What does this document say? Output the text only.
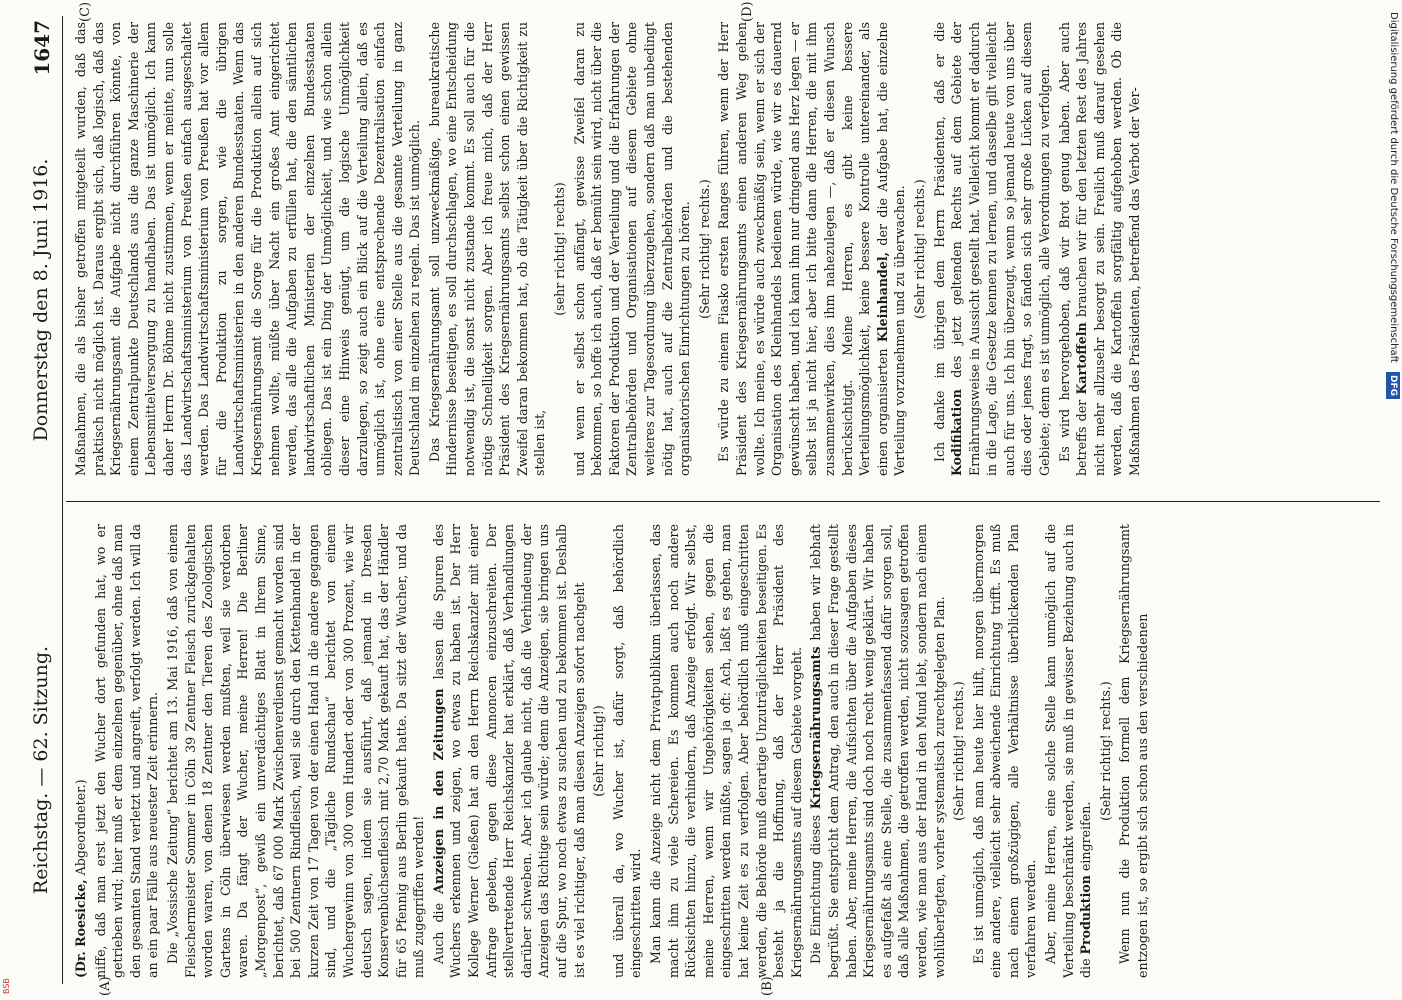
Digitalisierung gefördert durch die Deutsche Forschungsgemeinschaft DFG
BSB
Reichstag. — 62. Sitzung.
Donnerstag den 8. Juni 1916.
1647
(A)	(B)
(C)	(D)

(Dr. Roesicke, Abgeordneter.) niffe, daß man erst jetzt den Wucher dort gefunden hat, wo er getrieben wird; hier muß er dem einzelnen gegenüber, ohne daß man den gesamten Stand verletzt und angreift, verfolgt werden. Ich will da an ein paar Fälle aus neuester Zeit erinnern. Die „Vossische Zeitung“ berichtet am 13. Mai 1916, daß von einem Fleischermeister Sommer in Cöln 39 Zentner Fleisch zurückgehalten worden waren, von denen 18 Zentner den Tieren des Zoologischen Gartens in Cöln überwiesen werden mußten, weil sie verdorben waren. Da fängt der Wucher, meine Herren! Die Berliner „Morgenpost“, gewiß ein unverdächtiges Blatt in Ihrem Sinne, berichtet, daß 67 000 Mark Zwischenverdienst gemacht worden sind bei 500 Zentnern Rindfleisch, weil sie durch den Kettenhandel in der kurzen Zeit von 17 Tagen von der einen Hand in die andere gegangen sind, und die „Tägliche Rundschau“ berichtet von einem Wuchergewinn von 300 vom Hundert oder von 300 Prozent, wie wir deutsch sagen, indem sie ausführt, daß jemand in Dresden Konservenbüchsenfleisch mit 2,70 Mark gekauft hat, das der Händler für 65 Pfennig aus Berlin gekauft hatte. Da sitzt der Wucher, und da muß zugegriffen werden! Auch die Anzeigen in den Zeitungen lassen die Spuren des Wuchers erkennen und zeigen, wo etwas zu haben ist. Der Herr Kollege Werner (Gießen) hat an den Herrn Reichskanzler mit einer Anfrage gebeten, gegen diese Annoncen einzuschreiten. Der stellvertretende Herr Reichskanzler hat erklärt, daß Verhandlungen darüber schweben. Aber ich glaube nicht, daß die Verhindeung der Anzeigen das Richtige sein würde; denn die Anzeigen, sie bringen uns auf die Spur, wo noch etwas zu suchen und zu bekommen ist. Deshalb ist es viel richtiger, daß man diesen Anzeigen sofort nachgeht (Sehr richtig!) und überall da, wo Wucher ist, dafür sorgt, daß behördlich eingeschritten wird. Man kann die Anzeige nicht dem Privatpublikum überlassen, das macht ihm zu viele Schereien. Es kommen auch noch andere Rücksichten hinzu, die verhindern, daß Anzeige erfolgt. Wir selbst, meine Herren, wenn wir Ungehörigkeiten sehen, gegen die eingeschritten werden müßte, sagen ja oft: Ach, laßt es gehen, man hat keine Zeit es zu verfolgen. Aber behördlich muß eingeschritten werden, die Behörde muß derartige Unzuträglichkeiten beseitigen. Es besteht ja die Hoffnung, daß der Herr Präsident des Kriegsernährungsamts auf diesem Gebiete vorgeht. Die Einrichtung dieses Kriegsernährungsamts haben wir lebhaft begrüßt. Sie entspricht dem Antrag, den auch in dieser Frage gestellt haben. Aber, meine Herren, die Aufsichten über die Aufgaben dieses Kriegsernährungsamts sind doch noch recht wenig geklärt. Wir haben es aufgefaßt als eine Stelle, die zusammenfassend dafür sorgen soll, daß alle Maßnahmen, die getroffen werden, nicht sozusagen getroffen werden, wie man aus der Hand in den Mund lebt, sondern nach einem wohlüberlegten, vorher systematisch zurechtgelegten Plan. (Sehr richtig! rechts.) Es ist unmöglich, daß man heute hier hilft, morgen übermorgen eine andere, vielleicht sehr abweichende Einrichtung trifft. Es muß nach einem großzügigen, alle Verhältnisse überblickenden Plan verfahren werden. Aber, meine Herren, eine solche Stelle kann unmöglich auf die Verteilung beschränkt werden, sie muß in gewisser Beziehung auch in die Produktion eingreifen.

(Sehr richtig! rechts.) Wenn nun die Produktion formell dem Kriegsernährungsamt entzogen ist, so ergibt sich schon aus den verschiedenen

Maßnahmen, die als bisher getroffen mitgeteilt wurden, daß das praktisch nicht möglich ist. Daraus ergibt sich, daß logisch, daß das Kriegsernährungsamt die Aufgabe nicht durchführen könnte, von einem Zentralpunkte Deutschlands aus die ganze Maschinerie der Lebensmittelversorgung zu handhaben. Das ist unmöglich. Ich kann daher Herrn Dr. Böhme nicht zustimmen, wenn er meinte, nun solle das Landwirtschaftsministerium von Preußen einfach ausgeschaltet werden. Das Landwirtschaftsministerium von Preußen hat vor allem für die Produktion zu sorgen, wie die übrigen Landwirtschaftsministerien in den anderen Bundesstaaten. Wenn das Kriegsernährungsamt die Sorge für die Produktion allein auf sich nehmen wollte, müßte über Nacht ein großes Amt eingerichtet werden, das alle die Aufgaben zu erfüllen hat, die den sämtlichen landwirtschaftlichen Ministerien der einzelnen Bundesstaaten obliegen. Das ist ein Ding der Unmöglichkeit, und wie schon allein dieser eine Hinweis genügt, um die logische Unmöglichkeit darzulegen, so zeigt auch ein Blick auf die Verteilung allein, daß es unmöglich ist, ohne eine entsprechende Dezentralisation einfach zentralistisch von einer Stelle aus die gesamte Verteilung in ganz Deutschland im einzelnen zu regeln. Das ist unmöglich. Das Kriegsernährungsamt soll unzweckmäßige, bureaukratische Hindernisse beseitigen, es soll durchschlagen, wo eine Entscheidung notwendig ist, die sonst nicht zustande kommt. Es soll auch für die nötige Schnelligkeit sorgen. Aber ich freue mich, daß der Herr Präsident des Kriegsernährungsamts selbst schon einen gewissen Zweifel daran bekommen hat, ob die Tätigkeit über die Richtigkeit zu stellen ist,

(sehr richtig! rechts) und wenn er selbst schon anfängt, gewisse Zweifel daran zu bekommen, so hoffe ich auch, daß er bemüht sein wird, nicht über die Faktoren der Produktion und der Verteilung und die Erfahrungen der Zentralbehörden und Organisationen auf diesem Gebiete ohne weiteres zur Tagesordnung überzugehen, sondern daß man unbedingt nötig hat, auch auf die Zentralbehörden und die bestehenden organisatorischen Einrichtungen zu hören. (Sehr richtig! rechts.) Es würde zu einem Fiasko ersten Ranges führen, wenn der Herr Präsident des Kriegsernährungsamts einen anderen Weg gehen wollte. Ich meine, es würde auch zweckmäßig sein, wenn er sich der Organisation des Kleinhandels bedienen würde, wie wir es dauernd gewünscht haben, und ich kann ihm nur dringend ans Herz legen — er selbst ist ja nicht hier, aber ich bitte dann die Herren, die mit ihm zusammenwirken, dies ihm nahezulegen —, daß er diesen Wunsch berücksichtigt. Meine Herren, es gibt keine bessere Verteilungsmöglichkeit, keine bessere Kontrolle untereinander, als einen organisierten Kleinhandel, der die Aufgabe hat, die einzelne Verteilung vorzunehmen und zu überwachen. (Sehr richtig! rechts.) Ich danke im übrigen dem Herrn Präsidenten, daß er die Kodifikation des jetzt geltenden Rechts auf dem Gebiete der Ernährungsweise in Aussicht gestellt hat. Vielleicht kommt er dadurch in die Lage, die Gesetze kennen zu lernen, und dasselbe gilt vielleicht auch für uns. Ich bin überzeugt, wenn so jemand heute von uns über dies oder jenes fragt, so fänden sich sehr große Lücken auf diesem Gebiete; denn es ist unmöglich, alle Verordnungen zu verfolgen. Es wird hervorgehoben, daß wir Brot genug haben. Aber auch betreffs der Kartoffeln brauchen wir für den letzten Rest des Jahres nicht mehr allzusehr besorgt zu sein. Freilich muß darauf gesehen werden, daß die Kartoffeln sorgfältig aufgehoben werden. Ob die Maßnahmen des Präsidenten, betreffend das Verbot der Ver-
